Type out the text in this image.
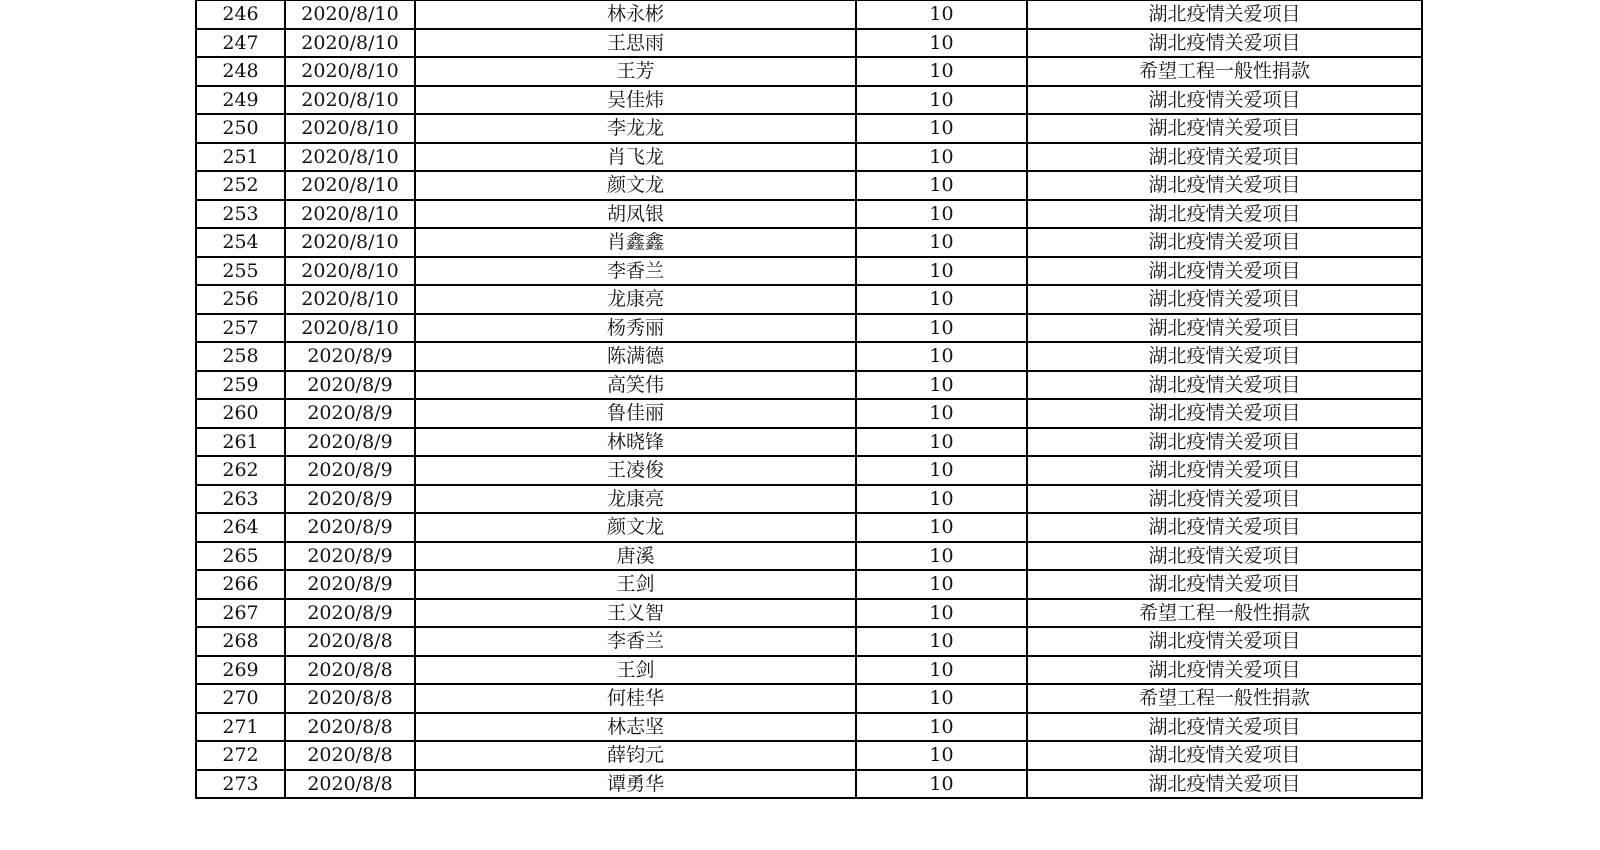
246	2020/8/10	林永彬	10	湖北疫情关爱项目
247	2020/8/10	王思雨	10	湖北疫情关爱项目
248	2020/8/10	王芳	10	希望工程一般性捐款
249	2020/8/10	吴佳炜	10	湖北疫情关爱项目
250	2020/8/10	李龙龙	10	湖北疫情关爱项目
251	2020/8/10	肖飞龙	10	湖北疫情关爱项目
252	2020/8/10	颜文龙	10	湖北疫情关爱项目
253	2020/8/10	胡凤银	10	湖北疫情关爱项目
254	2020/8/10	肖鑫鑫	10	湖北疫情关爱项目
255	2020/8/10	李香兰	10	湖北疫情关爱项目
256	2020/8/10	龙康亮	10	湖北疫情关爱项目
257	2020/8/10	杨秀丽	10	湖北疫情关爱项目
258	2020/8/9	陈满德	10	湖北疫情关爱项目
259	2020/8/9	高笑伟	10	湖北疫情关爱项目
260	2020/8/9	鲁佳丽	10	湖北疫情关爱项目
261	2020/8/9	林晓锋	10	湖北疫情关爱项目
262	2020/8/9	王凌俊	10	湖北疫情关爱项目
263	2020/8/9	龙康亮	10	湖北疫情关爱项目
264	2020/8/9	颜文龙	10	湖北疫情关爱项目
265	2020/8/9	唐溪	10	湖北疫情关爱项目
266	2020/8/9	王剑	10	湖北疫情关爱项目
267	2020/8/9	王义智	10	希望工程一般性捐款
268	2020/8/8	李香兰	10	湖北疫情关爱项目
269	2020/8/8	王剑	10	湖北疫情关爱项目
270	2020/8/8	何桂华	10	希望工程一般性捐款
271	2020/8/8	林志坚	10	湖北疫情关爱项目
272	2020/8/8	薛钧元	10	湖北疫情关爱项目
273	2020/8/8	谭勇华	10	湖北疫情关爱项目
